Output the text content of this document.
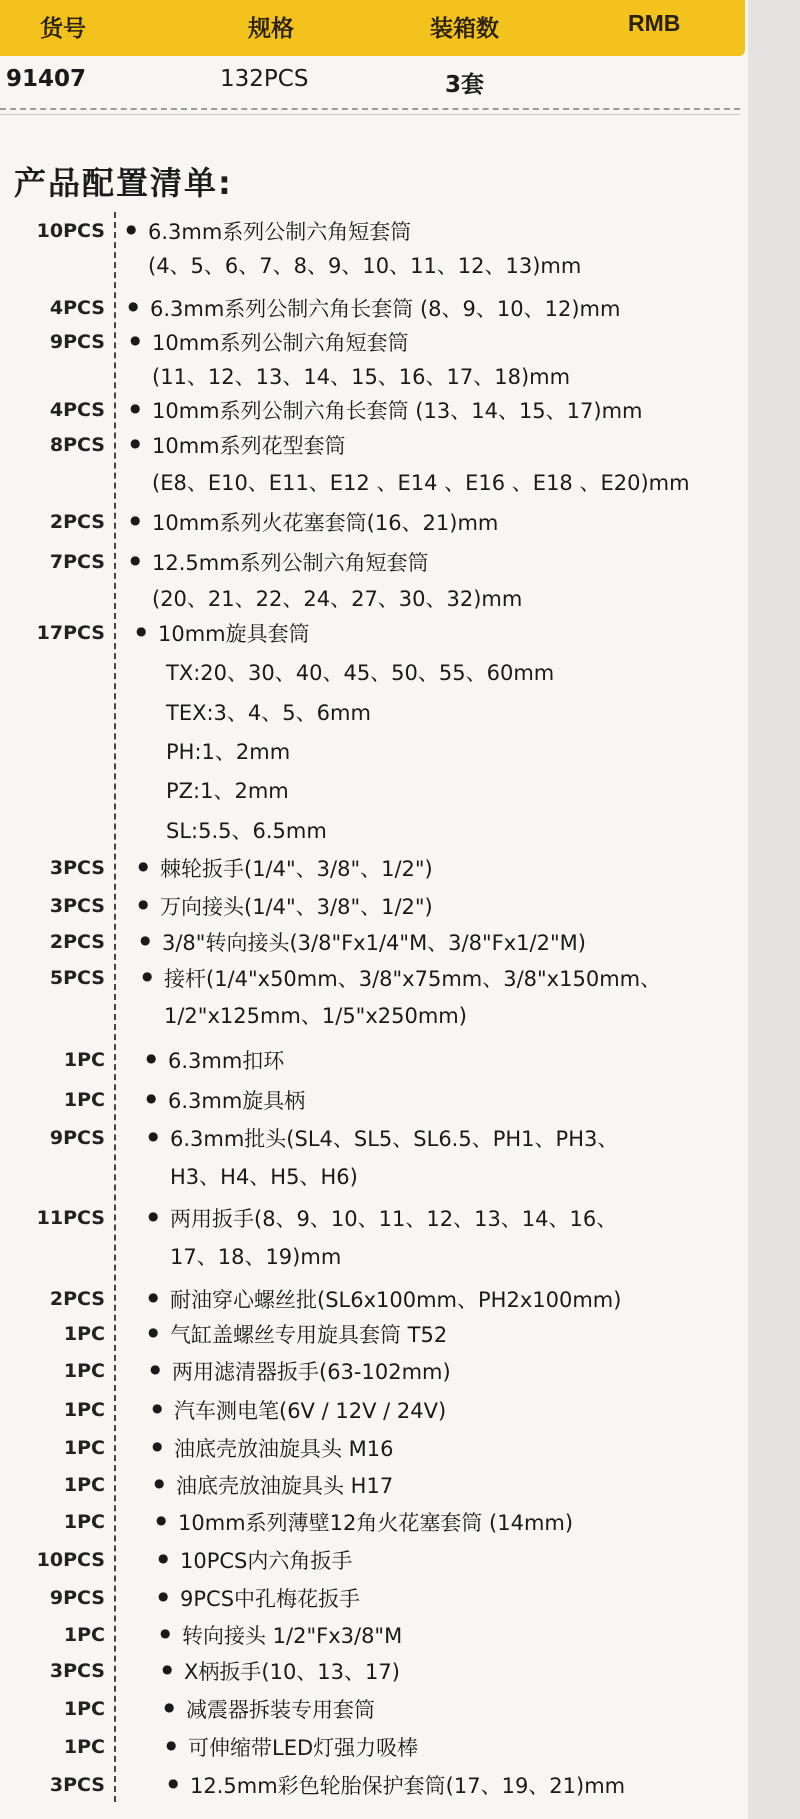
货号	规格	装箱数	RMB
91407	132PCS	3套
产品配置清单:
10PCS ● 6.3mm系列公制六角短套筒
(4、5、6、7、8、9、10、11、12、13)mm
4PCS ● 6.3mm系列公制六角长套筒 (8、9、10、12)mm
9PCS ● 10mm系列公制六角短套筒
(11、12、13、14、15、16、17、18)mm
4PCS ● 10mm系列公制六角长套筒 (13、14、15、17)mm
8PCS ● 10mm系列花型套筒
(E8、E10、E11、E12 、E14 、E16 、E18 、E20)mm
2PCS ● 10mm系列火花塞套筒(16、21)mm
7PCS ● 12.5mm系列公制六角短套筒
(20、21、22、24、27、30、32)mm
17PCS	● 10mm旋具套筒
TX:20、30、40、45、50、55、60mm
TEX:3、4、5、6mm
PH:1、2mm
PZ:1、2mm
SL:5.5、6.5mm
3PCS	● 棘轮扳手(1/4"、3/8"、1/2")
3PCS	● 万向接头(1/4"、3/8"、1/2")
2PCS	● 3/8"转向接头(3/8"Fx1/4"M、3/8"Fx1/2"M)
5PCS	● 接杆(1/4"x50mm、3/8"x75mm、3/8"x150mm、
1/2"x125mm、1/5"x250mm)
1PC	● 6.3mm扣环
1PC	● 6.3mm旋具柄
9PCS	● 6.3mm批头(SL4、SL5、SL6.5、PH1、PH3、
H3、H4、H5、H6)
11PCS	● 两用扳手(8、9、10、11、12、13、14、16、
17、18、19)mm
2PCS	● 耐油穿心螺丝批(SL6x100mm、PH2x100mm)
1PC	● 气缸盖螺丝专用旋具套筒 T52
1PC	● 两用滤清器扳手(63-102mm)
1PC	● 汽车测电笔(6V / 12V / 24V)
1PC	● 油底壳放油旋具头 M16
1PC	● 油底壳放油旋具头 H17
1PC	● 10mm系列薄壁12角火花塞套筒 (14mm)
10PCS	● 10PCS内六角扳手
9PCS	● 9PCS中孔梅花扳手
1PC	● 转向接头 1/2"Fx3/8"M
3PCS	● X柄扳手(10、13、17)
1PC	● 减震器拆装专用套筒
1PC	● 可伸缩带LED灯强力吸棒
3PCS	● 12.5mm彩色轮胎保护套筒(17、19、21)mm
